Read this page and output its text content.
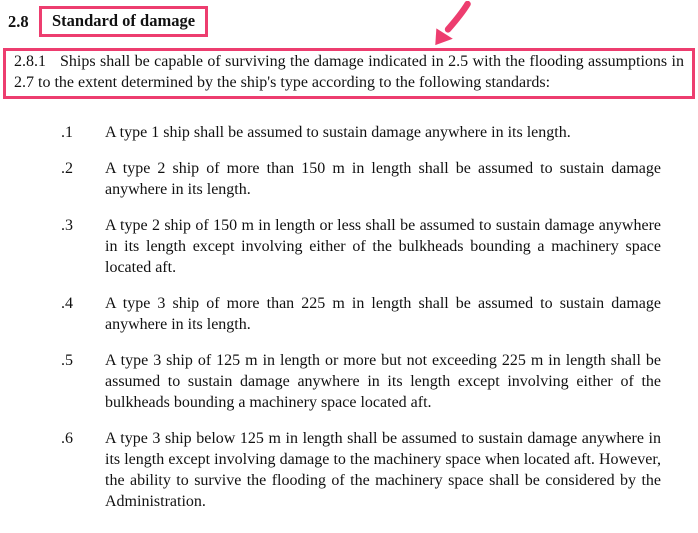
2.8	Standard of damage

2.8.1 Ships shall be capable of surviving the damage indicated in 2.5 with the flooding assumptions in 2.7 to the extent determined by the ship's type according to the following standards:

.1	A type 1 ship shall be assumed to sustain damage anywhere in its length.

.2	A type 2 ship of more than 150 m in length shall be assumed to sustain damage anywhere in its length.

.3	A type 2 ship of 150 m in length or less shall be assumed to sustain damage anywhere in its length except involving either of the bulkheads bounding a machinery space located aft.

.4	A type 3 ship of more than 225 m in length shall be assumed to sustain damage anywhere in its length.

.5	A type 3 ship of 125 m in length or more but not exceeding 225 m in length shall be assumed to sustain damage anywhere in its length except involving either of the bulkheads bounding a machinery space located aft.

.6	A type 3 ship below 125 m in length shall be assumed to sustain damage anywhere in its length except involving damage to the machinery space when located aft. However, the ability to survive the flooding of the machinery space shall be considered by the Administration.
